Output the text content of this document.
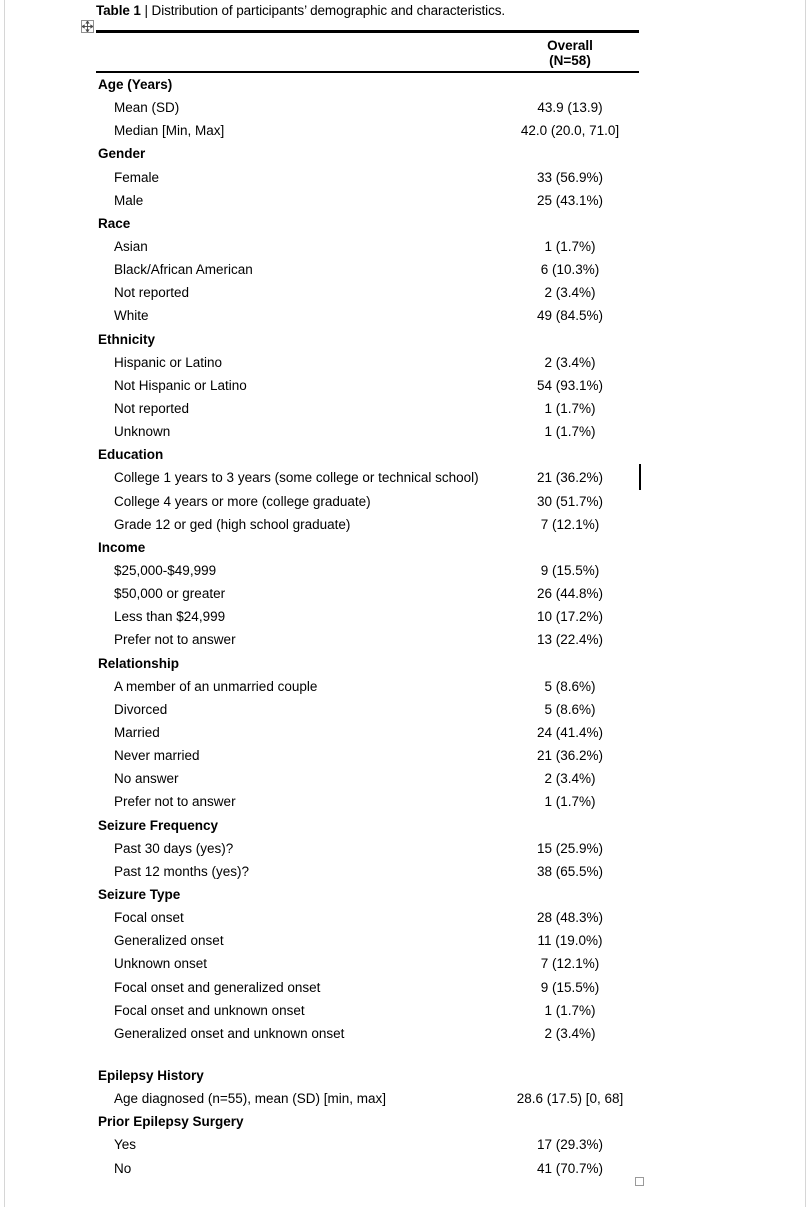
Table 1 | Distribution of participants’ demographic and characteristics.
Overall
(N=58)
Age (Years)
Mean (SD)	43.9 (13.9)
Median [Min, Max]	42.0 (20.0, 71.0]
Gender
Female	33 (56.9%)
Male	25 (43.1%)
Race
Asian	1 (1.7%)
Black/African American	6 (10.3%)
Not reported	2 (3.4%)
White	49 (84.5%)
Ethnicity
Hispanic or Latino	2 (3.4%)
Not Hispanic or Latino	54 (93.1%)
Not reported	1 (1.7%)
Unknown	1 (1.7%)
Education
College 1 years to 3 years (some college or technical school)	21 (36.2%)
College 4 years or more (college graduate)	30 (51.7%)
Grade 12 or ged (high school graduate)	7 (12.1%)
Income
$25,000-$49,999	9 (15.5%)
$50,000 or greater	26 (44.8%)
Less than $24,999	10 (17.2%)
Prefer not to answer	13 (22.4%)
Relationship
A member of an unmarried couple	5 (8.6%)
Divorced	5 (8.6%)
Married	24 (41.4%)
Never married	21 (36.2%)
No answer	2 (3.4%)
Prefer not to answer	1 (1.7%)
Seizure Frequency
Past 30 days (yes)?	15 (25.9%)
Past 12 months (yes)?	38 (65.5%)
Seizure Type
Focal onset	28 (48.3%)
Generalized onset	11 (19.0%)
Unknown onset	7 (12.1%)
Focal onset and generalized onset	9 (15.5%)
Focal onset and unknown onset	1 (1.7%)
Generalized onset and unknown onset	2 (3.4%)
Epilepsy History
Age diagnosed (n=55), mean (SD) [min, max]	28.6 (17.5) [0, 68]
Prior Epilepsy Surgery
Yes	17 (29.3%)
No	41 (70.7%)
